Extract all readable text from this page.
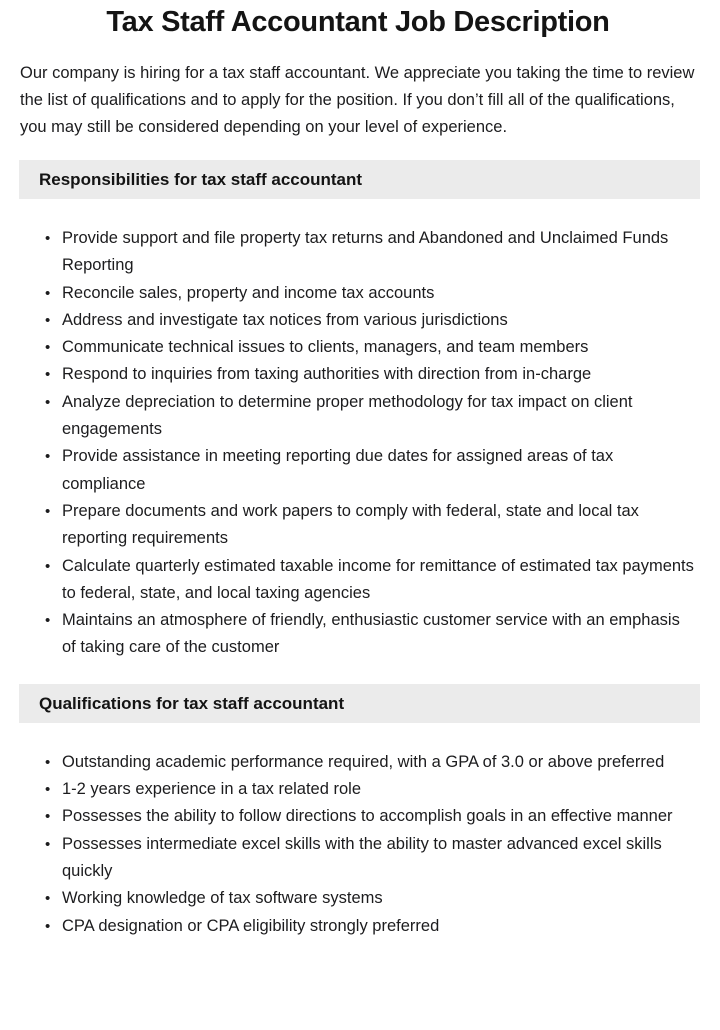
Tax Staff Accountant Job Description

Our company is hiring for a tax staff accountant. We appreciate you taking the time to review the list of qualifications and to apply for the position. If you don’t fill all of the qualifications, you may still be considered depending on your level of experience.

Responsibilities for tax staff accountant
• Provide support and file property tax returns and Abandoned and Unclaimed Funds Reporting
• Reconcile sales, property and income tax accounts
• Address and investigate tax notices from various jurisdictions
• Communicate technical issues to clients, managers, and team members
• Respond to inquiries from taxing authorities with direction from in-charge
• Analyze depreciation to determine proper methodology for tax impact on client engagements
• Provide assistance in meeting reporting due dates for assigned areas of tax compliance
• Prepare documents and work papers to comply with federal, state and local tax reporting requirements
• Calculate quarterly estimated taxable income for remittance of estimated tax payments to federal, state, and local taxing agencies
• Maintains an atmosphere of friendly, enthusiastic customer service with an emphasis of taking care of the customer
Qualifications for tax staff accountant
• Outstanding academic performance required, with a GPA of 3.0 or above preferred
• 1-2 years experience in a tax related role
• Possesses the ability to follow directions to accomplish goals in an effective manner
• Possesses intermediate excel skills with the ability to master advanced excel skills quickly
• Working knowledge of tax software systems
• CPA designation or CPA eligibility strongly preferred
